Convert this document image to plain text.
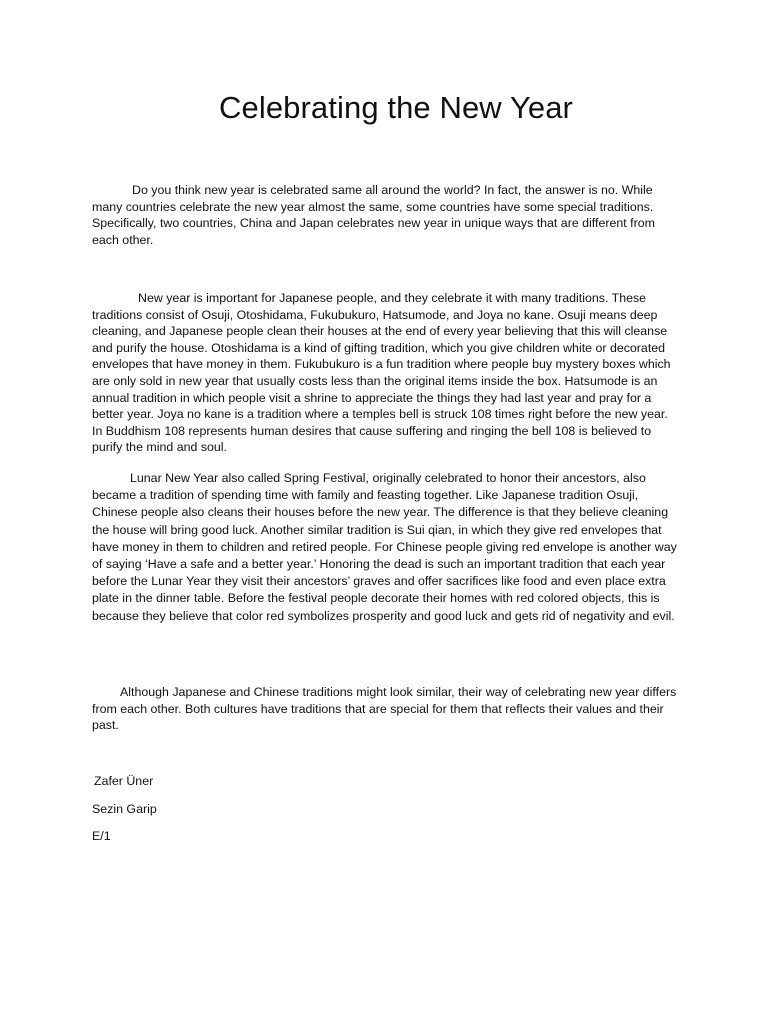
Celebrating the New Year

Do you think new year is celebrated same all around the world? In fact, the answer is no. While many countries celebrate the new year almost the same, some countries have some special traditions. Specifically, two countries, China and Japan celebrates new year in unique ways that are different from each other.

New year is important for Japanese people, and they celebrate it with many traditions. These traditions consist of Osuji, Otoshidama, Fukubukuro, Hatsumode, and Joya no kane. Osuji means deep cleaning, and Japanese people clean their houses at the end of every year believing that this will cleanse and purify the house. Otoshidama is a kind of gifting tradition, which you give children white or decorated envelopes that have money in them. Fukubukuro is a fun tradition where people buy mystery boxes which are only sold in new year that usually costs less than the original items inside the box. Hatsumode is an annual tradition in which people visit a shrine to appreciate the things they had last year and pray for a better year. Joya no kane is a tradition where a temples bell is struck 108 times right before the new year. In Buddhism 108 represents human desires that cause suffering and ringing the bell 108 is believed to purify the mind and soul.

Lunar New Year also called Spring Festival, originally celebrated to honor their ancestors, also became a tradition of spending time with family and feasting together. Like Japanese tradition Osuji, Chinese people also cleans their houses before the new year. The difference is that they believe cleaning the house will bring good luck. Another similar tradition is Sui qian, in which they give red envelopes that have money in them to children and retired people. For Chinese people giving red envelope is another way of saying ‘Have a safe and a better year.’ Honoring the dead is such an important tradition that each year before the Lunar Year they visit their ancestors’ graves and offer sacrifices like food and even place extra plate in the dinner table. Before the festival people decorate their homes with red colored objects, this is because they believe that color red symbolizes prosperity and good luck and gets rid of negativity and evil.

Although Japanese and Chinese traditions might look similar, their way of celebrating new year differs from each other. Both cultures have traditions that are special for them that reflects their values and their past.

Zafer Üner

Sezin Garip

E/1
